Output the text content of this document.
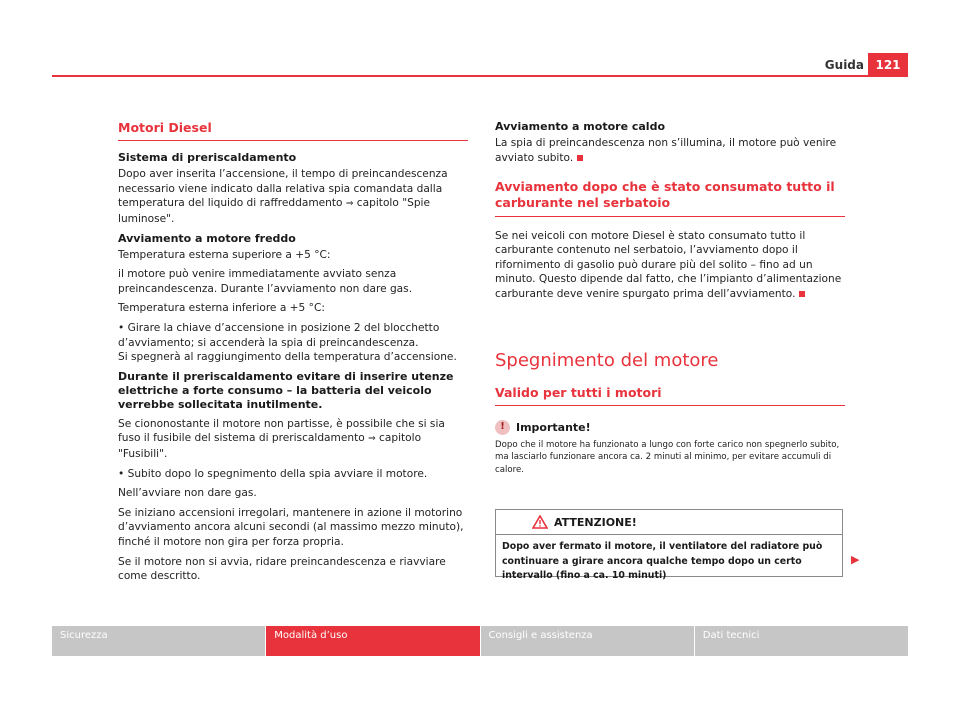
Guida 121
Motori Diesel
Sistema di preriscaldamento
Dopo aver inserita l’accensione, il tempo di preincandescenza necessario viene indicato dalla relativa spia comandata dalla temperatura del liquido di raffreddamento ⇒ capitolo "Spie luminose".
Avviamento a motore freddo
Temperatura esterna superiore a +5 °C:
il motore può venire immediatamente avviato senza preincandescenza. Durante l’avviamento non dare gas.
Temperatura esterna inferiore a +5 °C:
• Girare la chiave d’accensione in posizione 2 del blocchetto d’avviamento; si accenderà la spia di preincandescenza.
Si spegnerà al raggiungimento della temperatura d’accensione.
Durante il preriscaldamento evitare di inserire utenze elettriche a forte consumo – la batteria del veicolo verrebbe sollecitata inutilmente.
Se ciononostante il motore non partisse, è possibile che si sia fuso il fusibile del sistema di preriscaldamento ⇒ capitolo "Fusibili".
• Subito dopo lo spegnimento della spia avviare il motore.
Nell’avviare non dare gas.
Se iniziano accensioni irregolari, mantenere in azione il motorino d’avviamento ancora alcuni secondi (al massimo mezzo minuto), finché il motore non gira per forza propria.
Se il motore non si avvia, ridare preincandescenza e riavviare come descritto.
Avviamento a motore caldo
La spia di preincandescenza non s’illumina, il motore può venire avviato subito.
Avviamento dopo che è stato consumato tutto il carburante nel serbatoio
Se nei veicoli con motore Diesel è stato consumato tutto il carburante contenuto nel serbatoio, l’avviamento dopo il rifornimento di gasolio può durare più del solito – fino ad un minuto. Questo dipende dal fatto, che l’impianto d’alimentazione carburante deve venire spurgato prima dell’avviamento.
Spegnimento del motore
Valido per tutti i motori
! Importante!

Dopo che il motore ha funzionato a lungo con forte carico non spegnerlo subito, ma lasciarlo funzionare ancora ca. 2 minuti al minimo, per evitare accumuli di calore.

ATTENZIONE!
Dopo aver fermato il motore, il ventilatore del radiatore può continuare a girare ancora qualche tempo dopo un certo intervallo (fino a ca. 10 minuti)
▶
Sicurezza	Modalità d’uso	Consigli e assistenza	Dati tecnici
